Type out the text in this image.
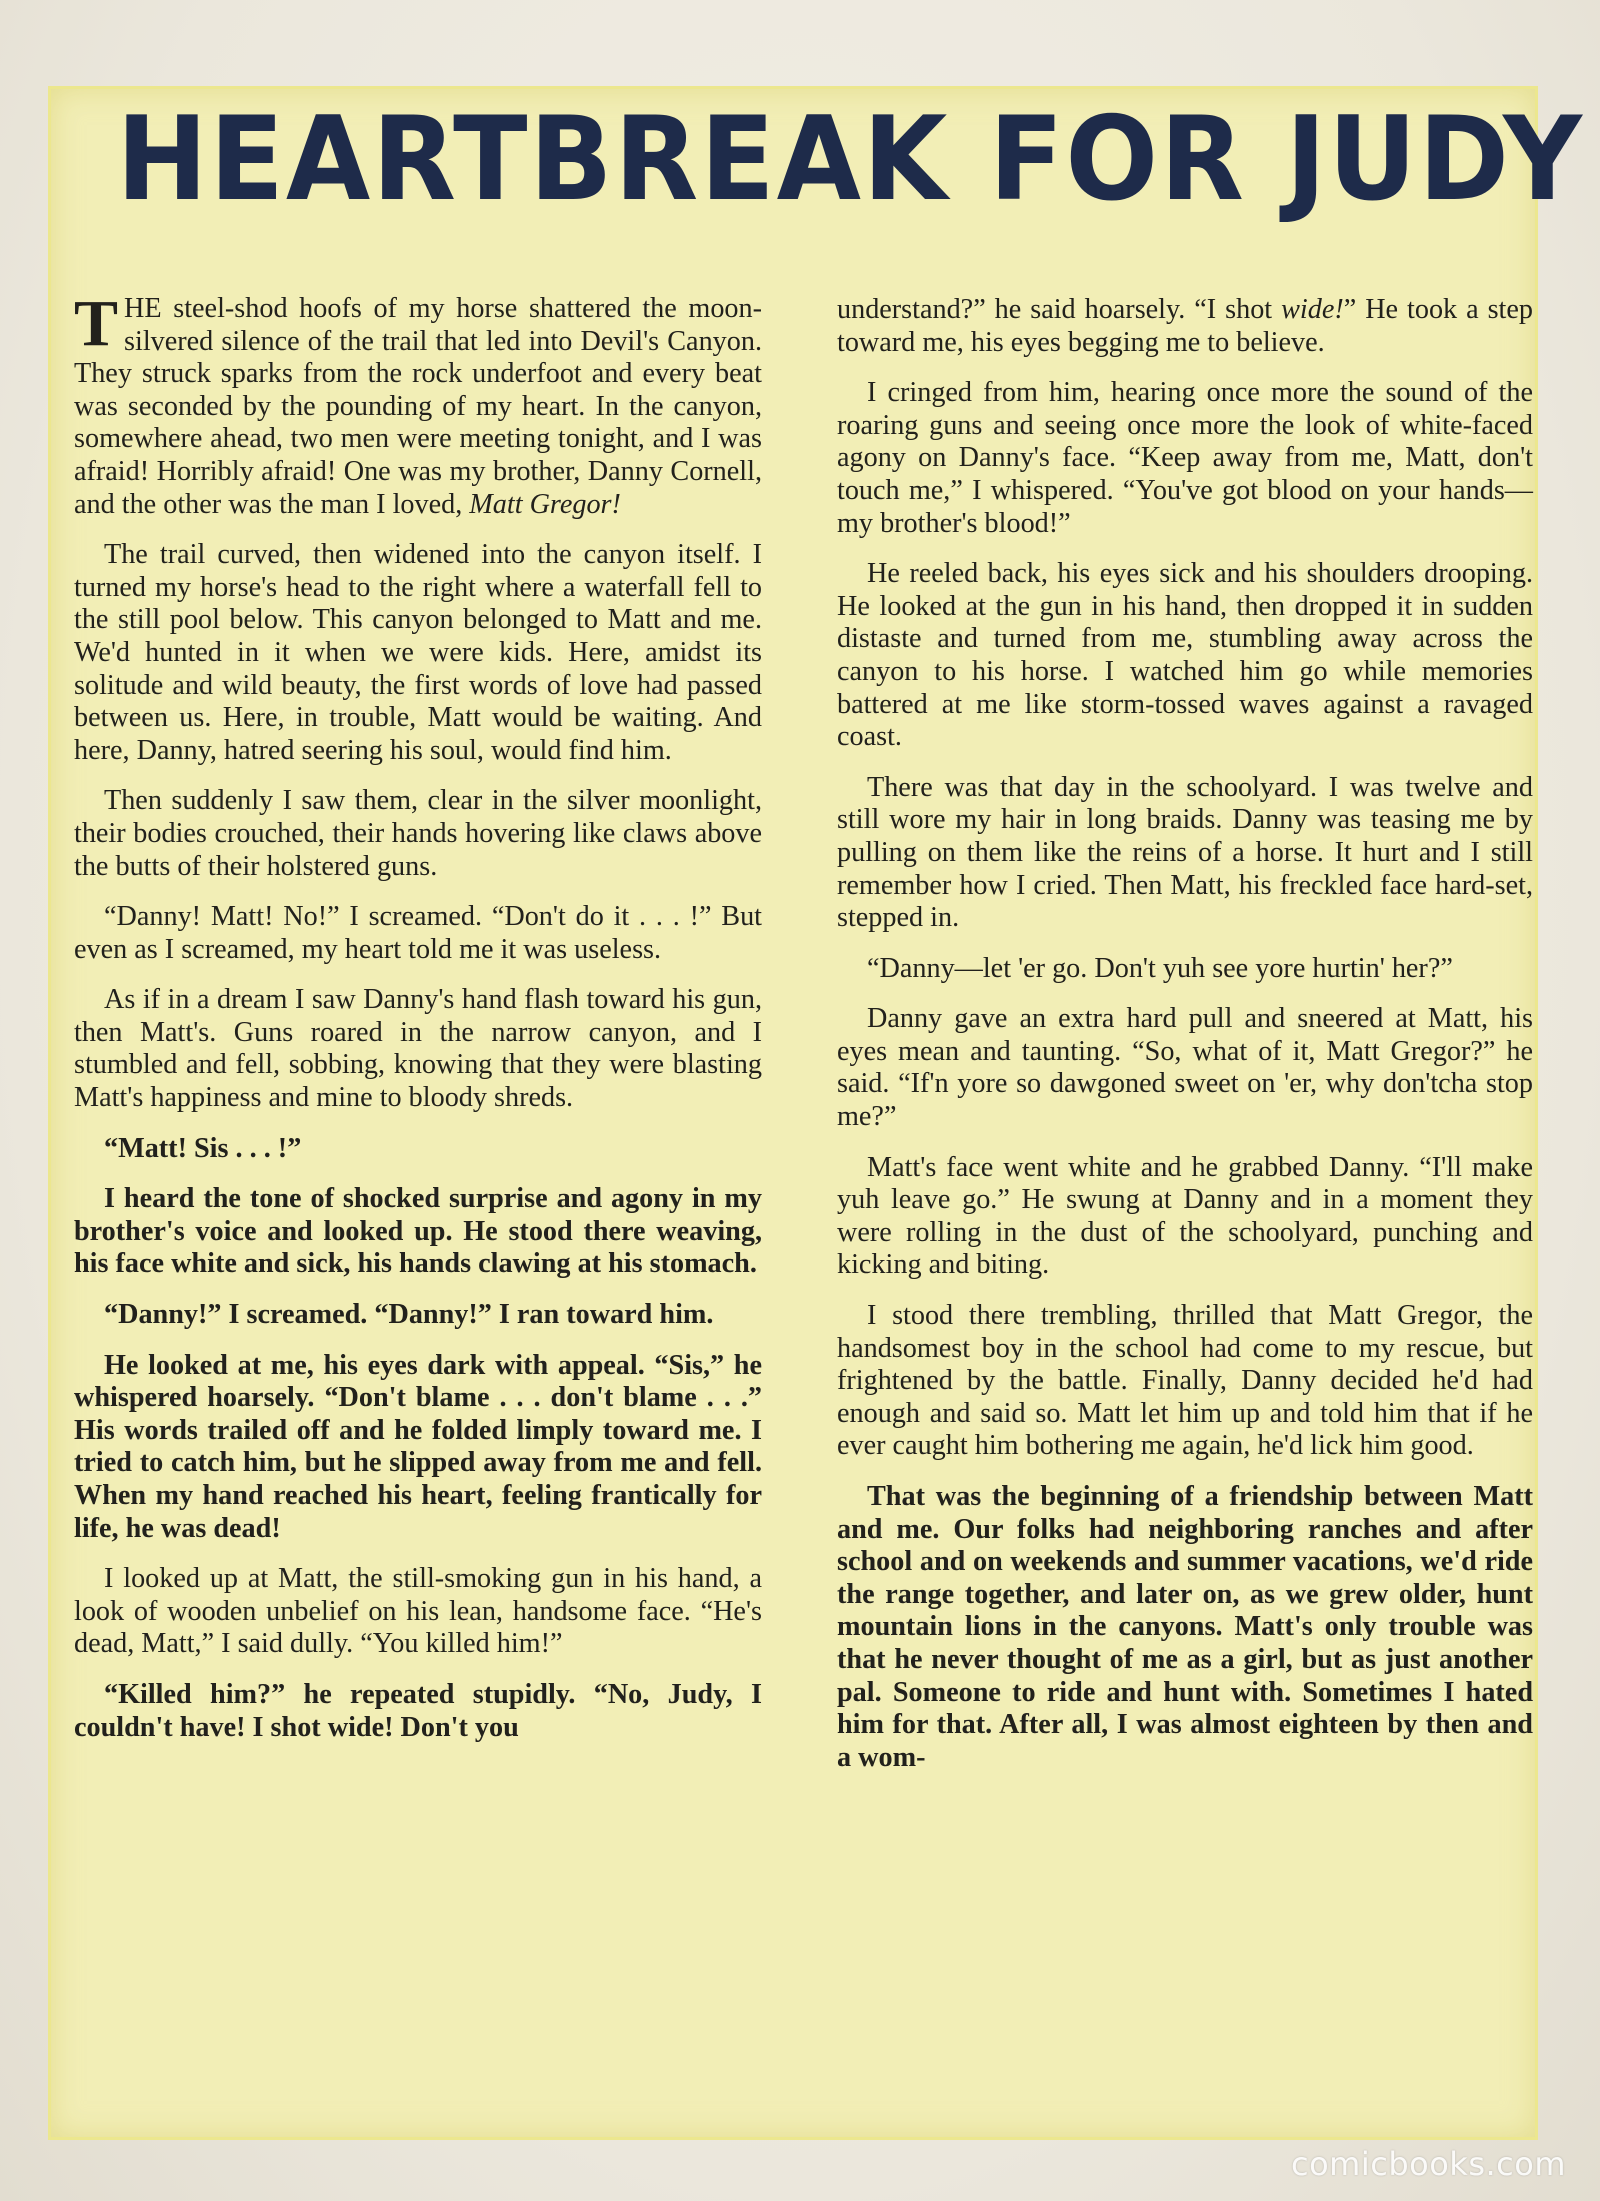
HEARTBREAK FOR JUDY

THE steel-shod hoofs of my horse shattered the moon-silvered silence of the trail that led into Devil's Canyon. They struck sparks from the rock underfoot and every beat was seconded by the pounding of my heart. In the canyon, somewhere ahead, two men were meeting tonight, and I was afraid! Horribly afraid! One was my brother, Danny Cornell, and the other was the man I loved, Matt Gregor!

The trail curved, then widened into the canyon itself. I turned my horse's head to the right where a waterfall fell to the still pool below. This canyon belonged to Matt and me. We'd hunted in it when we were kids. Here, amidst its solitude and wild beauty, the first words of love had passed between us. Here, in trouble, Matt would be waiting. And here, Danny, hatred seering his soul, would find him.

Then suddenly I saw them, clear in the silver moonlight, their bodies crouched, their hands hovering like claws above the butts of their holstered guns.

“Danny! Matt! No!” I screamed. “Don't do it . . . !” But even as I screamed, my heart told me it was useless.

As if in a dream I saw Danny's hand flash toward his gun, then Matt's. Guns roared in the narrow canyon, and I stumbled and fell, sobbing, knowing that they were blasting Matt's happiness and mine to bloody shreds.

“Matt! Sis . . . !”

I heard the tone of shocked surprise and agony in my brother's voice and looked up. He stood there weaving, his face white and sick, his hands clawing at his stomach.

“Danny!” I screamed. “Danny!” I ran toward him.

He looked at me, his eyes dark with appeal. “Sis,” he whispered hoarsely. “Don't blame . . . don't blame . . .” His words trailed off and he folded limply toward me. I tried to catch him, but he slipped away from me and fell. When my hand reached his heart, feeling frantically for life, he was dead!

I looked up at Matt, the still-smoking gun in his hand, a look of wooden unbelief on his lean, handsome face. “He's dead, Matt,” I said dully. “You killed him!”

“Killed him?” he repeated stupidly. “No, Judy, I couldn't have! I shot wide! Don't you

understand?” he said hoarsely. “I shot wide!” He took a step toward me, his eyes begging me to believe.

I cringed from him, hearing once more the sound of the roaring guns and seeing once more the look of white-faced agony on Danny's face. “Keep away from me, Matt, don't touch me,” I whispered. “You've got blood on your hands—my brother's blood!”

He reeled back, his eyes sick and his shoulders drooping. He looked at the gun in his hand, then dropped it in sudden distaste and turned from me, stumbling away across the canyon to his horse. I watched him go while memories battered at me like storm-tossed waves against a ravaged coast.

There was that day in the schoolyard. I was twelve and still wore my hair in long braids. Danny was teasing me by pulling on them like the reins of a horse. It hurt and I still remember how I cried. Then Matt, his freckled face hard-set, stepped in.

“Danny—let 'er go. Don't yuh see yore hurtin' her?”

Danny gave an extra hard pull and sneered at Matt, his eyes mean and taunting. “So, what of it, Matt Gregor?” he said. “If'n yore so dawgoned sweet on 'er, why don'tcha stop me?”

Matt's face went white and he grabbed Danny. “I'll make yuh leave go.” He swung at Danny and in a moment they were rolling in the dust of the schoolyard, punching and kicking and biting.

I stood there trembling, thrilled that Matt Gregor, the handsomest boy in the school had come to my rescue, but frightened by the battle. Finally, Danny decided he'd had enough and said so. Matt let him up and told him that if he ever caught him bothering me again, he'd lick him good.

That was the beginning of a friendship between Matt and me. Our folks had neighboring ranches and after school and on weekends and summer vacations, we'd ride the range together, and later on, as we grew older, hunt mountain lions in the canyons. Matt's only trouble was that he never thought of me as a girl, but as just another pal. Someone to ride and hunt with. Sometimes I hated him for that. After all, I was almost eighteen by then and a wom-

comicbooks.com
